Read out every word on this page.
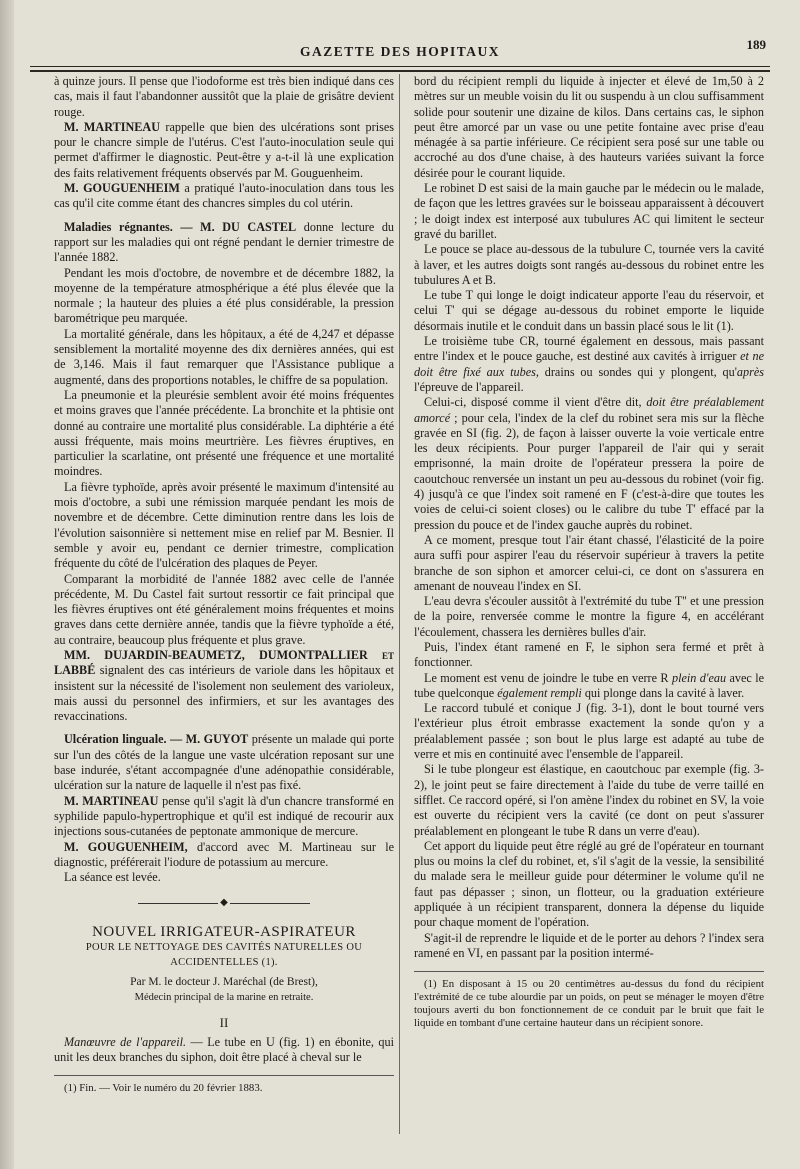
GAZETTE DES HOPITAUX	189

à quinze jours. Il pense que l'iodoforme est très bien indiqué dans ces cas, mais il faut l'abandonner aussitôt que la plaie de grisâtre devient rouge.

M. MARTINEAU rappelle que bien des ulcérations sont prises pour le chancre simple de l'utérus. C'est l'auto-inoculation seule qui permet d'affirmer le diagnostic. Peut-être y a-t-il là une explication des faits relativement fréquents observés par M. Gouguenheim.

M. GOUGUENHEIM a pratiqué l'auto-inoculation dans tous les cas qu'il cite comme étant des chancres simples du col utérin.

Maladies régnantes. — M. DU CASTEL donne lecture du rapport sur les maladies qui ont régné pendant le dernier trimestre de l'année 1882.

Pendant les mois d'octobre, de novembre et de décembre 1882, la moyenne de la température atmosphérique a été plus élevée que la normale ; la hauteur des pluies a été plus considérable, la pression barométrique peu marquée.

La mortalité générale, dans les hôpitaux, a été de 4,247 et dépasse sensiblement la mortalité moyenne des dix dernières années, qui est de 3,146. Mais il faut remarquer que l'Assistance publique a augmenté, dans des proportions notables, le chiffre de sa population.

La pneumonie et la pleurésie semblent avoir été moins fréquentes et moins graves que l'année précédente. La bronchite et la phtisie ont donné au contraire une mortalité plus considérable. La diphtérie a été aussi fréquente, mais moins meurtrière. Les fièvres éruptives, en particulier la scarlatine, ont présenté une fréquence et une mortalité moindres.

La fièvre typhoïde, après avoir présenté le maximum d'intensité au mois d'octobre, a subi une rémission marquée pendant les mois de novembre et de décembre. Cette diminution rentre dans les lois de l'évolution saisonnière si nettement mise en relief par M. Besnier. Il semble y avoir eu, pendant ce dernier trimestre, complication fréquente du côté de l'ulcération des plaques de Peyer.

Comparant la morbidité de l'année 1882 avec celle de l'année précédente, M. Du Castel fait surtout ressortir ce fait principal que les fièvres éruptives ont été généralement moins fréquentes et moins graves dans cette dernière année, tandis que la fièvre typhoïde a été, au contraire, beaucoup plus fréquente et plus grave.

MM. DUJARDIN-BEAUMETZ, DUMONTPALLIER et LABBÉ signalent des cas intérieurs de variole dans les hôpitaux et insistent sur la nécessité de l'isolement non seulement des varioleux, mais aussi du personnel des infirmiers, et sur les avantages des revaccinations.

Ulcération linguale. — M. GUYOT présente un malade qui porte sur l'un des côtés de la langue une vaste ulcération reposant sur une base indurée, s'étant accompagnée d'une adénopathie considérable, ulcération sur la nature de laquelle il n'est pas fixé.

M. MARTINEAU pense qu'il s'agit là d'un chancre transformé en syphilide papulo-hypertrophique et qu'il est indiqué de recourir aux injections sous-cutanées de peptonate ammonique de mercure.

M. GOUGUENHEIM, d'accord avec M. Martineau sur le diagnostic, préférerait l'iodure de potassium au mercure.

La séance est levée.

◆

NOUVEL IRRIGATEUR-ASPIRATEUR

POUR LE NETTOYAGE DES CAVITÉS NATURELLES OU ACCIDENTELLES (1).

Par M. le docteur J. Maréchal (de Brest),

Médecin principal de la marine en retraite.

II

Manœuvre de l'appareil. — Le tube en U (fig. 1) en ébonite, qui unit les deux branches du siphon, doit être placé à cheval sur le

(1) Fin. — Voir le numéro du 20 février 1883.

bord du récipient rempli du liquide à injecter et élevé de 1m,50 à 2 mètres sur un meuble voisin du lit ou suspendu à un clou suffisamment solide pour soutenir une dizaine de kilos. Dans certains cas, le siphon peut être amorcé par un vase ou une petite fontaine avec prise d'eau ménagée à sa partie inférieure. Ce récipient sera posé sur une table ou accroché au dos d'une chaise, à des hauteurs variées suivant la force désirée pour le courant liquide.

Le robinet D est saisi de la main gauche par le médecin ou le malade, de façon que les lettres gravées sur le boisseau apparaissent à découvert ; le doigt index est interposé aux tubulures AC qui limitent le secteur gravé du barillet.

Le pouce se place au-dessous de la tubulure C, tournée vers la cavité à laver, et les autres doigts sont rangés au-dessous du robinet entre les tubulures A et B.

Le tube T qui longe le doigt indicateur apporte l'eau du réservoir, et celui T' qui se dégage au-dessous du robinet emporte le liquide désormais inutile et le conduit dans un bassin placé sous le lit (1).

Le troisième tube CR, tourné également en dessous, mais passant entre l'index et le pouce gauche, est destiné aux cavités à irriguer et ne doit être fixé aux tubes, drains ou sondes qui y plongent, qu'après l'épreuve de l'appareil.

Celui-ci, disposé comme il vient d'être dit, doit être préalablement amorcé ; pour cela, l'index de la clef du robinet sera mis sur la flèche gravée en SI (fig. 2), de façon à laisser ouverte la voie verticale entre les deux récipients. Pour purger l'appareil de l'air qui y serait emprisonné, la main droite de l'opérateur pressera la poire de caoutchouc renversée un instant un peu au-dessous du robinet (voir fig. 4) jusqu'à ce que l'index soit ramené en F (c'est-à-dire que toutes les voies de celui-ci soient closes) ou le calibre du tube T' effacé par la pression du pouce et de l'index gauche auprès du robinet.

A ce moment, presque tout l'air étant chassé, l'élasticité de la poire aura suffi pour aspirer l'eau du réservoir supérieur à travers la petite branche de son siphon et amorcer celui-ci, ce dont on s'assurera en amenant de nouveau l'index en SI.

L'eau devra s'écouler aussitôt à l'extrémité du tube T'' et une pression de la poire, renversée comme le montre la figure 4, en accélérant l'écoulement, chassera les dernières bulles d'air.

Puis, l'index étant ramené en F, le siphon sera fermé et prêt à fonctionner.

Le moment est venu de joindre le tube en verre R plein d'eau avec le tube quelconque également rempli qui plonge dans la cavité à laver.

Le raccord tubulé et conique J (fig. 3-1), dont le bout tourné vers l'extérieur plus étroit embrasse exactement la sonde qu'on y a préalablement passée ; son bout le plus large est adapté au tube de verre et mis en continuité avec l'ensemble de l'appareil.

Si le tube plongeur est élastique, en caoutchouc par exemple (fig. 3-2), le joint peut se faire directement à l'aide du tube de verre taillé en sifflet. Ce raccord opéré, si l'on amène l'index du robinet en SV, la voie est ouverte du récipient vers la cavité (ce dont on peut s'assurer préalablement en plongeant le tube R dans un verre d'eau).

Cet apport du liquide peut être réglé au gré de l'opérateur en tournant plus ou moins la clef du robinet, et, s'il s'agit de la vessie, la sensibilité du malade sera le meilleur guide pour déterminer le volume qu'il ne faut pas dépasser ; sinon, un flotteur, ou la graduation extérieure appliquée à un récipient transparent, donnera la dépense du liquide pour chaque moment de l'opération.

S'agit-il de reprendre le liquide et de le porter au dehors ? l'index sera ramené en VI, en passant par la position intermé-

(1) En disposant à 15 ou 20 centimètres au-dessus du fond du récipient l'extrémité de ce tube alourdie par un poids, on peut se ménager le moyen d'être toujours averti du bon fonctionnement de ce conduit par le bruit que fait le liquide en tombant d'une certaine hauteur dans un récipient sonore.
